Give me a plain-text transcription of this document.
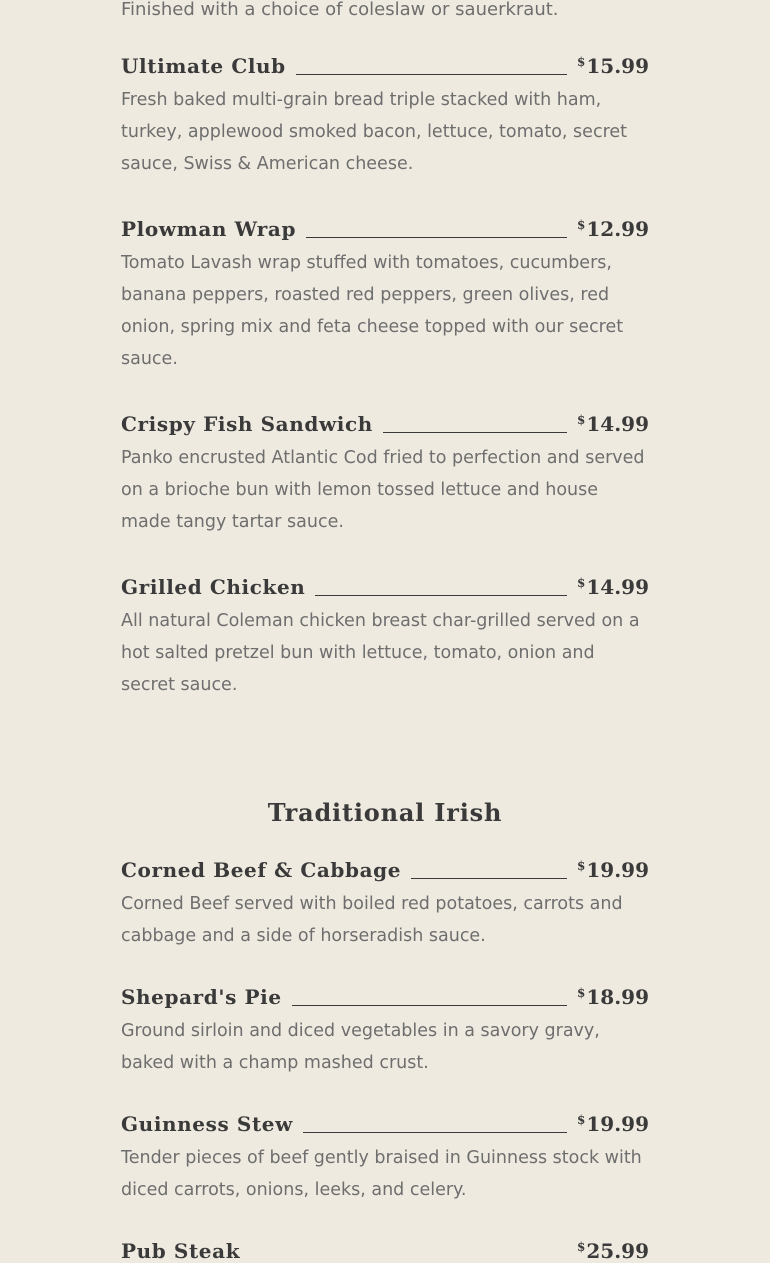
Finished with a choice of coleslaw or sauerkraut.

Ultimate Club	$15.99

Fresh baked multi-grain bread triple stacked with ham, turkey, applewood smoked bacon, lettuce, tomato, secret sauce, Swiss & American cheese.

Plowman Wrap	$12.99

Tomato Lavash wrap stuffed with tomatoes, cucumbers, banana peppers, roasted red peppers, green olives, red onion, spring mix and feta cheese topped with our secret sauce.

Crispy Fish Sandwich	$14.99

Panko encrusted Atlantic Cod fried to perfection and served on a brioche bun with lemon tossed lettuce and house made tangy tartar sauce.

Grilled Chicken	$14.99

All natural Coleman chicken breast char-grilled served on a hot salted pretzel bun with lettuce, tomato, onion and secret sauce.

Traditional Irish
Corned Beef & Cabbage	$19.99

Corned Beef served with boiled red potatoes, carrots and cabbage and a side of horseradish sauce.

Shepard's Pie	$18.99

Ground sirloin and diced vegetables in a savory gravy, baked with a champ mashed crust.

Guinness Stew	$19.99

Tender pieces of beef gently braised in Guinness stock with diced carrots, onions, leeks, and celery.

Pub Steak	$25.99
